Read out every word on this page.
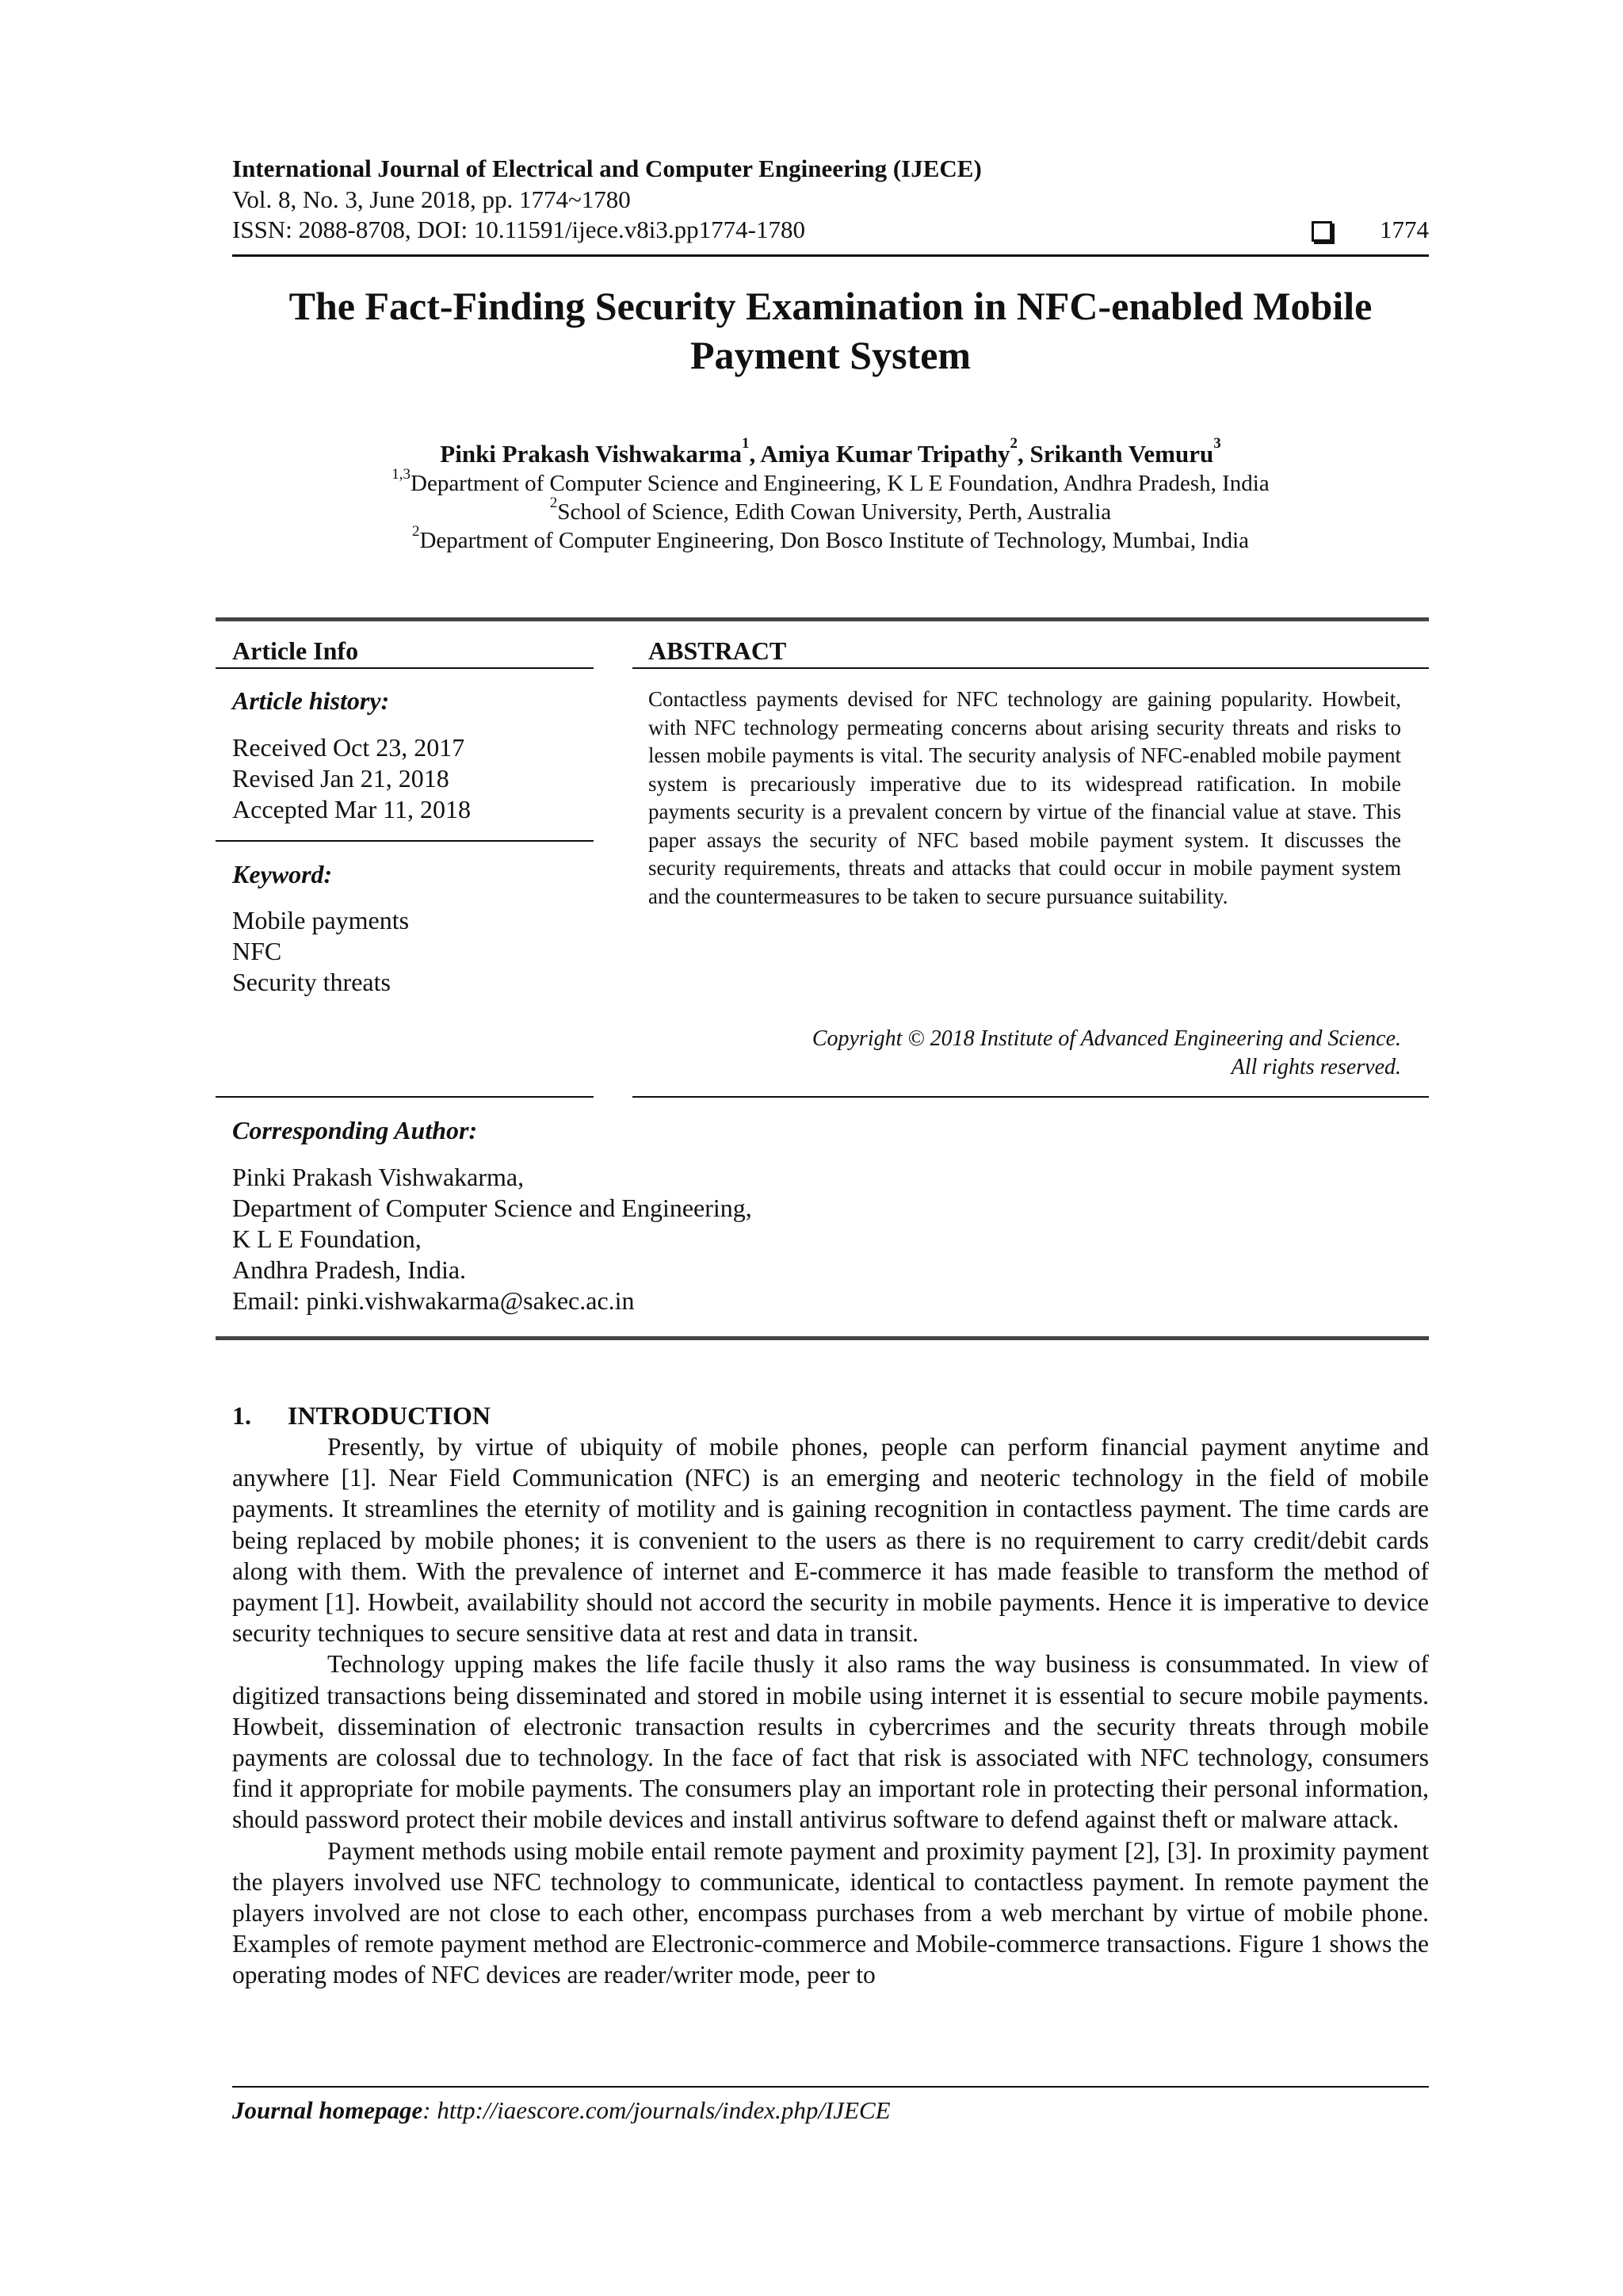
International Journal of Electrical and Computer Engineering (IJECE)
Vol. 8, No. 3, June 2018, pp. 1774~1780
ISSN: 2088-8708, DOI: 10.11591/ijece.v8i3.pp1774-1780	1774
The Fact-Finding Security Examination in NFC-enabled Mobile Payment System
Pinki Prakash Vishwakarma$^1$, Amiya Kumar Tripathy$^2$, Srikanth Vemuru$^3$
$^{1,3}$Department of Computer Science and Engineering, K L E Foundation, Andhra Pradesh, India
$^2$School of Science, Edith Cowan University, Perth, Australia
$^2$Department of Computer Engineering, Don Bosco Institute of Technology, Mumbai, India
Article Info
Article history:
Received Oct 23, 2017
Revised Jan 21, 2018
Accepted Mar 11, 2018
Keyword:
Mobile payments
NFC
Security threats
ABSTRACT
Contactless payments devised for NFC technology are gaining popularity. Howbeit, with NFC technology permeating concerns about arising security threats and risks to lessen mobile payments is vital. The security analysis of NFC-enabled mobile payment system is precariously imperative due to its widespread ratification. In mobile payments security is a prevalent concern by virtue of the financial value at stave. This paper assays the security of NFC based mobile payment system. It discusses the security requirements, threats and attacks that could occur in mobile payment system and the countermeasures to be taken to secure pursuance suitability.
Copyright © 2018 Institute of Advanced Engineering and Science.
All rights reserved.
Corresponding Author:
Pinki Prakash Vishwakarma,
Department of Computer Science and Engineering,
K L E Foundation,
Andhra Pradesh, India.
Email: pinki.vishwakarma@sakec.ac.in
1. INTRODUCTION

Presently, by virtue of ubiquity of mobile phones, people can perform financial payment anytime and anywhere [1]. Near Field Communication (NFC) is an emerging and neoteric technology in the field of mobile payments. It streamlines the eternity of motility and is gaining recognition in contactless payment. The time cards are being replaced by mobile phones; it is convenient to the users as there is no requirement to carry credit/debit cards along with them. With the prevalence of internet and E-commerce it has made feasible to transform the method of payment [1]. Howbeit, availability should not accord the security in mobile payments. Hence it is imperative to device security techniques to secure sensitive data at rest and data in transit.

Technology upping makes the life facile thusly it also rams the way business is consummated. In view of digitized transactions being disseminated and stored in mobile using internet it is essential to secure mobile payments. Howbeit, dissemination of electronic transaction results in cybercrimes and the security threats through mobile payments are colossal due to technology. In the face of fact that risk is associated with NFC technology, consumers find it appropriate for mobile payments. The consumers play an important role in protecting their personal information, should password protect their mobile devices and install antivirus software to defend against theft or malware attack.

Payment methods using mobile entail remote payment and proximity payment [2], [3]. In proximity payment the players involved use NFC technology to communicate, identical to contactless payment. In remote payment the players involved are not close to each other, encompass purchases from a web merchant by virtue of mobile phone. Examples of remote payment method are Electronic-commerce and Mobile-commerce transactions. Figure 1 shows the operating modes of NFC devices are reader/writer mode, peer to

Journal homepage: http://iaescore.com/journals/index.php/IJECE
